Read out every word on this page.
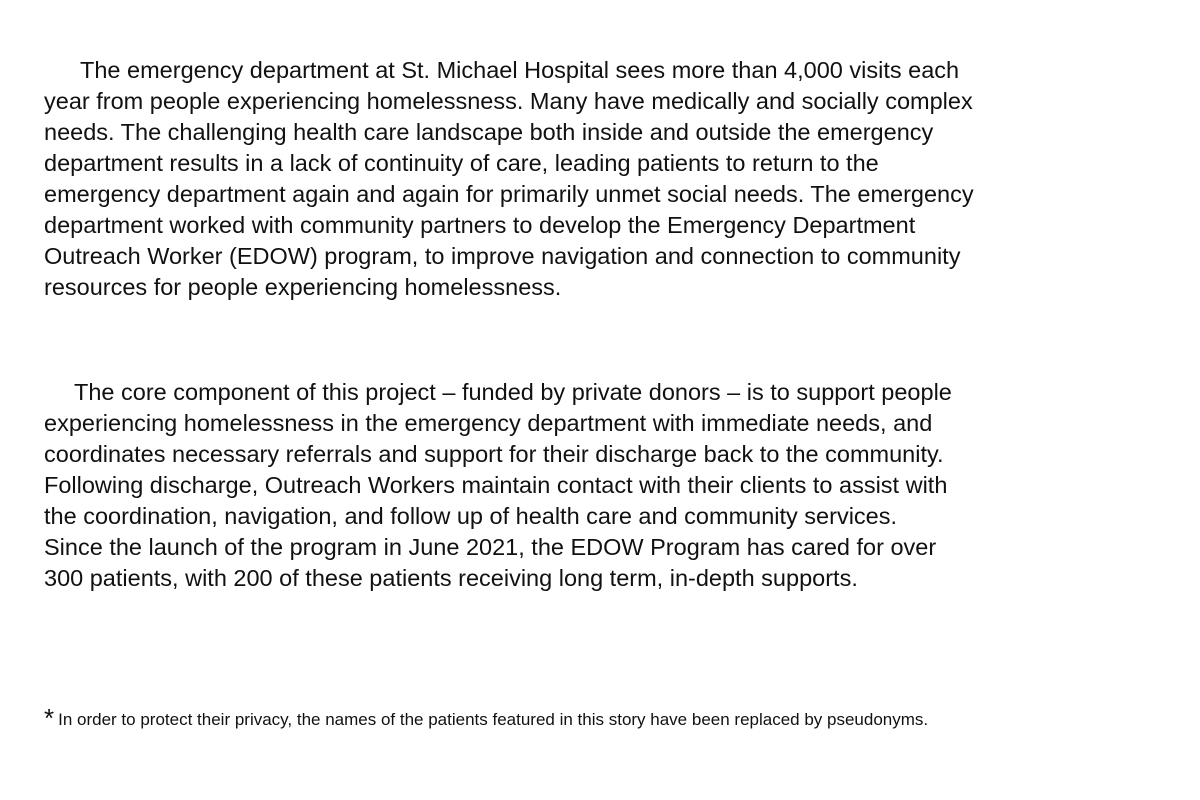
The emergency department at St. Michael Hospital sees more than 4,000 visits each
year from people experiencing homelessness. Many have medically and socially complex
needs. The challenging health care landscape both inside and outside the emergency
department results in a lack of continuity of care, leading patients to return to the
emergency department again and again for primarily unmet social needs. The emergency
department worked with community partners to develop the Emergency Department
Outreach Worker (EDOW) program, to improve navigation and connection to community
resources for people experiencing homelessness.

The core component of this project – funded by private donors – is to support people
experiencing homelessness in the emergency department with immediate needs, and
coordinates necessary referrals and support for their discharge back to the community.
Following discharge, Outreach Workers maintain contact with their clients to assist with
the coordination, navigation, and follow up of health care and community services.
Since the launch of the program in June 2021, the EDOW Program has cared for over
300 patients, with 200 of these patients receiving long term, in-depth supports.

* In order to protect their privacy, the names of the patients featured in this story have been replaced by pseudonyms.
